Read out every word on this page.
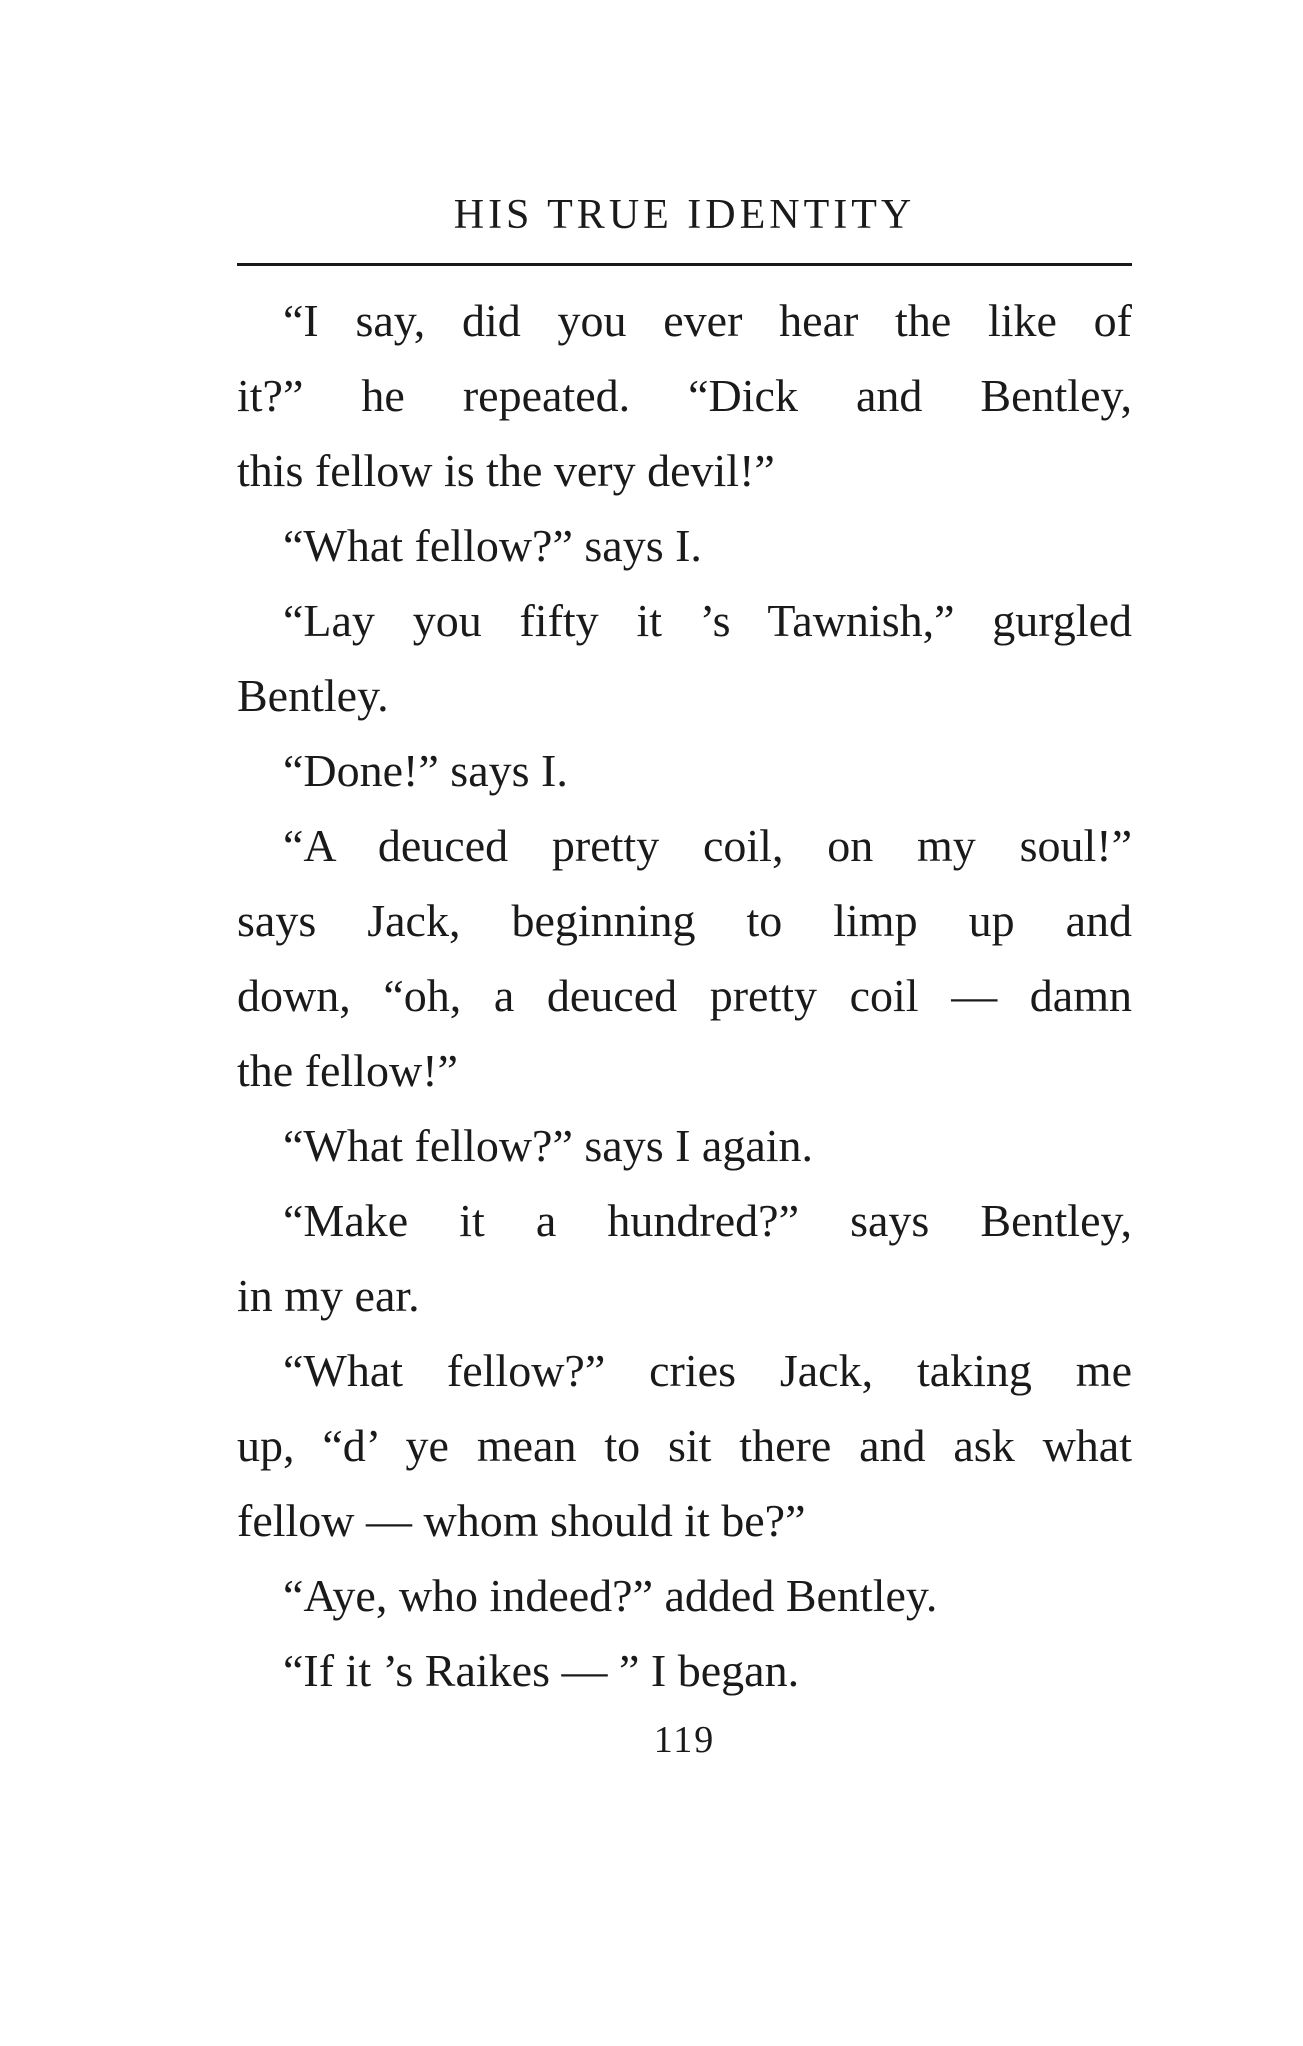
HIS TRUE IDENTITY
“I say, did you ever hear the like of
it?” he repeated. “Dick and Bentley,
this fellow is the very devil!”
“What fellow?” says I.
“Lay you fifty it ’s Tawnish,” gurgled
Bentley.
“Done!” says I.
“A deuced pretty coil, on my soul!”
says Jack, beginning to limp up and
down, “oh, a deuced pretty coil — damn
the fellow!”
“What fellow?” says I again.
“Make it a hundred?” says Bentley,
in my ear.
“What fellow?” cries Jack, taking me
up, “d’ ye mean to sit there and ask what
fellow — whom should it be?”
“Aye, who indeed?” added Bentley.
“If it ’s Raikes — ” I began.
119
